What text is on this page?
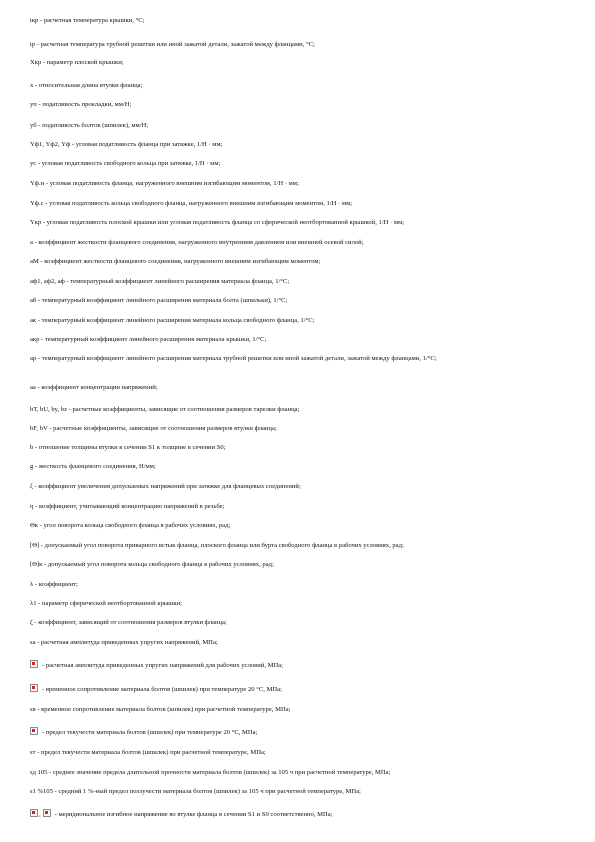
tкр - расчетная температура крышки, °С;
tр - расчетная температура трубной решетки или иной зажатой детали, зажатой между фланцами, °С;
Xкр - параметр плоской крышки;
x - относительная длина втулки фланца;
yп - податливость прокладки, мм/Н;
yб - податливость болтов (шпилек), мм/Н;
Yф1, Yф2, Yф - угловая податливость фланца при затяжке, 1/Н · мм;
yс - угловая податливость свободного кольца при затяжке, 1/Н · мм;
Yф.н - угловая податливость фланца, нагруженного внешним изгибающим моментом, 1/Н · мм;
Yф.с - угловая податливость кольца свободного фланца, нагруженного внешним изгибающим моментом, 1/Н · мм;
Yкр - угловая податливость плоской крышки или угловая податливость фланца со сферической неотбортованной крышкой, 1/Н · мм;
а - коэффициент жесткости фланцевого соединения, нагруженного внутренним давлением или внешней осевой силой;
аМ - коэффициент жесткости фланцевого соединения, нагруженного внешним изгибающим моментом;
аф1, аф2, аф - температурный коэффициент линейного расширения материала фланца, 1/°С;
аб - температурный коэффициент линейного расширения материала болта (шпильки), 1/°С;
ак - температурный коэффициент линейного расширения материала кольца свободного фланца, 1/°С;
акр - температурный коэффициент линейного расширения материала крышки, 1/°С;
ар - температурный коэффициент линейного расширения материала трубной решетки или иной зажатой детали, зажатой между фланцами, 1/°С;
аа - коэффициент концентрации напряжений;
bТ, bU, by, bz - расчетные коэффициенты, зависящие от соотношения размеров тарелки фланца;
bF, bV - расчетные коэффициенты, зависящие от соотношения размеров втулки фланца;
b - отношение толщины втулки в сечении S1 к толщине в сечении S0;
g - жесткость фланцевого соединения, Н/мм;
ξ - коэффициент увеличения допускаемых напряжений при затяжке для фланцевых соединений;
η - коэффициент, учитывающий концентрацию напряжений в резьбе;
Θк - угол поворота кольца свободного фланца в рабочих условиях, рад;
[Θ] - допускаемый угол поворота приварного встык фланца, плоского фланца или бурта свободного фланца в рабочих условиях, рад;
[Θ]к - допускаемый угол поворота кольца свободного фланца в рабочих условиях, рад;
λ - коэффициент;
λ1 - параметр сферической неотбортованной крышки;
ζ - коэффициент, зависящий от соотношения размеров втулки фланца;
sа - расчетная амплитуда приведенных упругих напряжений, МПа;
- расчетная амплитуда приведенных упругих напряжений для рабочих условий, МПа;
- временное сопротивление материала болтов (шпилек) при температуре 20 °С, МПа;
sв - временное сопротивление материала болтов (шпилек) при расчетной температуре, МПа;
- предел текучести материала болтов (шпилек) при температуре 20 °С, МПа;
sт - предел текучести материала болтов (шпилек) при расчетной температуре, МПа;
sд 105 - среднее значение предела длительной прочности материала болтов (шпилек) за 105 ч при расчетной температуре, МПа;
s1 %105 - средний 1 %-ный предел ползучести материала болтов (шпилек) за 105 ч при расчетной температуре, МПа;
, - меридиональное изгибное напряжение во втулке фланца в сечении S1 и S0 соответственно, МПа;
